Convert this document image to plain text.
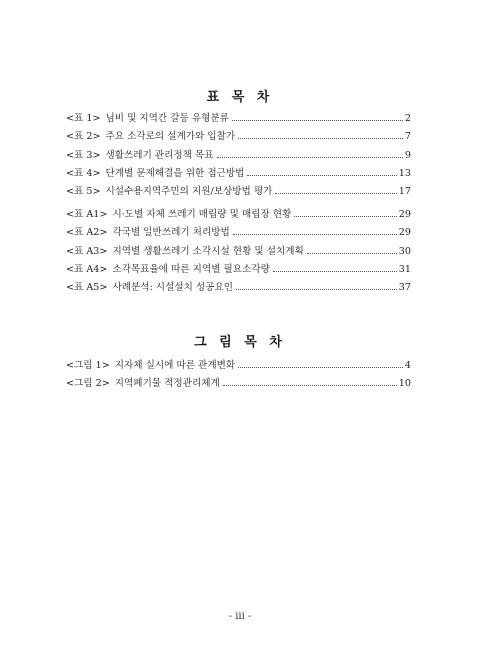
표 목 차
<표 1> 님비 및 지역간 갈등 유형분류	2
<표 2> 주요 소각로의 설계가와 입찰가	7
<표 3> 생활쓰레기 관리정책 목표	9
<표 4> 단계별 문제해결을 위한 접근방법	13
<표 5> 시설수용지역주민의 지원/보상방법 평가	17
<표 A1> 시·도별 자체 쓰레기 매립량 및 매립장 현황	29
<표 A2> 각국별 일반쓰레기 처리방법	29
<표 A3> 지역별 생활쓰레기 소각시설 현황 및 설치계획	30
<표 A4> 소각목표율에 따른 지역별 필요소각량	31
<표 A5> 사례분석: 시설설치 성공요인	37
그 림 목 차
<그림 1> 지자체 실시에 따른 관계변화	4
<그림 2> 지역폐기물 적정관리체계	10
- iii -
